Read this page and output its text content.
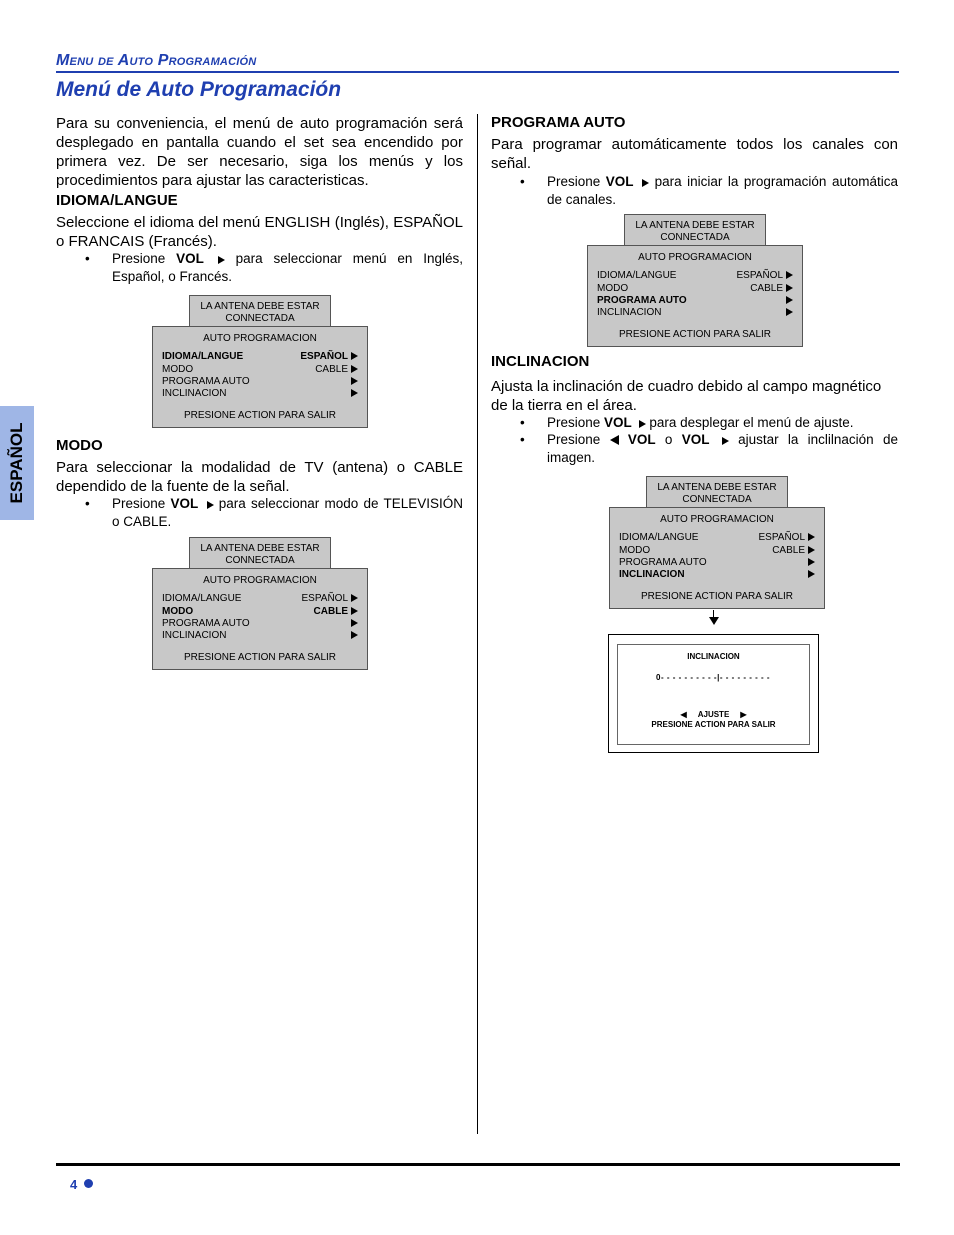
Menu de Auto Programación
Menú de Auto Programación
ESPAÑOL
Para su conveniencia, el menú de auto programación será desplegado en pantalla cuando el set sea encendido por primera vez. De ser necesario, siga los menús y los procedimientos para ajustar las caracteristicas.
IDIOMA/LANGUE
Seleccione el idioma del menú ENGLISH (Inglés), ESPAÑOL o FRANCAIS (Francés).
• Presione VOL  para seleccionar menú en Inglés, Español, o Francés.
LA ANTENA DEBE ESTAR
CONNECTADA
AUTO PROGRAMACION
IDIOMA/LANGUE	ESPAÑOL
MODO	CABLE
PROGRAMA AUTO
INCLINACION
PRESIONE ACTION PARA SALIR
MODO
Para seleccionar la modalidad de TV (antena) o CABLE dependido de la fuente de la señal.
• Presione VOL  para seleccionar modo de TELEVISIÓN o CABLE.
LA ANTENA DEBE ESTAR
CONNECTADA
AUTO PROGRAMACION
IDIOMA/LANGUE	ESPAÑOL
MODO	CABLE
PROGRAMA AUTO
INCLINACION
PRESIONE ACTION PARA SALIR
PROGRAMA AUTO
Para programar automáticamente todos los canales con señal.
• Presione VOL  para iniciar la programación automática de canales.
LA ANTENA DEBE ESTAR
CONNECTADA
AUTO PROGRAMACION
IDIOMA/LANGUE	ESPAÑOL
MODO	CABLE
PROGRAMA AUTO
INCLINACION
PRESIONE ACTION PARA SALIR
INCLINACION
Ajusta la inclinación de cuadro debido al campo magnético de la tierra en el área.
• Presione VOL  para desplegar el menú de ajuste.
• Presione  VOL o VOL  ajustar la inclilnación de imagen.
LA ANTENA DEBE ESTAR
CONNECTADA
AUTO PROGRAMACION
IDIOMA/LANGUE	ESPAÑOL
MODO	CABLE
PROGRAMA AUTO
INCLINACION
PRESIONE ACTION PARA SALIR
INCLINACION
0- - - - - - - - - -|- - - - - - - - -
◀ AJUSTE ▶
PRESIONE ACTION PARA SALIR
4
